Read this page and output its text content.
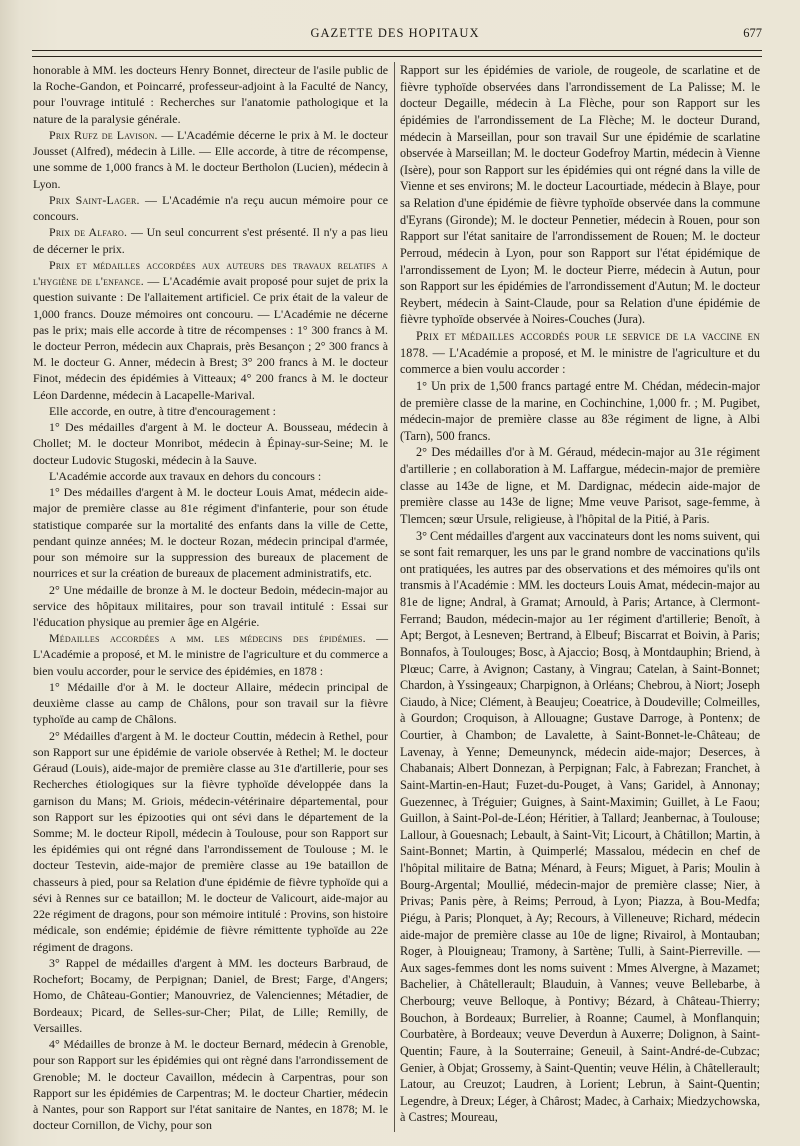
GAZETTE DES HOPITAUX	677

honorable à MM. les docteurs Henry Bonnet, directeur de l'asile public de la Roche-Gandon, et Poincarré, professeur-adjoint à la Faculté de Nancy, pour l'ouvrage intitulé : Recherches sur l'anatomie pathologique et la nature de la paralysie générale.

Prix Rufz de Lavison. — L'Académie décerne le prix à M. le docteur Jousset (Alfred), médecin à Lille. — Elle accorde, à titre de récompense, une somme de 1,000 francs à M. le docteur Bertholon (Lucien), médecin à Lyon.

Prix Saint-Lager. — L'Académie n'a reçu aucun mémoire pour ce concours.

Prix de Alfaro. — Un seul concurrent s'est présenté. Il n'y a pas lieu de décerner le prix.

Prix et médailles accordées aux auteurs des travaux relatifs a l'hygiène de l'enfance. — L'Académie avait proposé pour sujet de prix la question suivante : De l'allaitement artificiel. Ce prix était de la valeur de 1,000 francs. Douze mémoires ont concouru. — L'Académie ne décerne pas le prix; mais elle accorde à titre de récompenses : 1° 300 francs à M. le docteur Perron, médecin aux Chaprais, près Besançon ; 2° 300 francs à M. le docteur G. Anner, médecin à Brest; 3° 200 francs à M. le docteur Finot, médecin des épidémies à Vitteaux; 4° 200 francs à M. le docteur Léon Dardenne, médecin à Lacapelle-Marival.

Elle accorde, en outre, à titre d'encouragement :

1° Des médailles d'argent à M. le docteur A. Bousseau, médecin à Chollet; M. le docteur Monribot, médecin à Épinay-sur-Seine; M. le docteur Ludovic Stugoski, médecin à la Sauve.

L'Académie accorde aux travaux en dehors du concours :

1° Des médailles d'argent à M. le docteur Louis Amat, médecin aide-major de première classe au 81e régiment d'infanterie, pour son étude statistique comparée sur la mortalité des enfants dans la ville de Cette, pendant quinze années; M. le docteur Rozan, médecin principal d'armée, pour son mémoire sur la suppression des bureaux de placement de nourrices et sur la création de bureaux de placement administratifs, etc.

2° Une médaille de bronze à M. le docteur Bedoin, médecin-major au service des hôpitaux militaires, pour son travail intitulé : Essai sur l'éducation physique au premier âge en Algérie.

Médailles accordées a mm. les médecins des épidémies. — L'Académie a proposé, et M. le ministre de l'agriculture et du commerce a bien voulu accorder, pour le service des épidémies, en 1878 :

1° Médaille d'or à M. le docteur Allaire, médecin principal de deuxième classe au camp de Châlons, pour son travail sur la fièvre typhoïde au camp de Châlons.

2° Médailles d'argent à M. le docteur Couttin, médecin à Rethel, pour son Rapport sur une épidémie de variole observée à Rethel; M. le docteur Géraud (Louis), aide-major de première classe au 31e d'artillerie, pour ses Recherches étiologiques sur la fièvre typhoïde développée dans la garnison du Mans; M. Griois, médecin-vétérinaire départemental, pour son Rapport sur les épizooties qui ont sévi dans le département de la Somme; M. le docteur Ripoll, médecin à Toulouse, pour son Rapport sur les épidémies qui ont régné dans l'arrondissement de Toulouse ; M. le docteur Testevin, aide-major de première classe au 19e bataillon de chasseurs à pied, pour sa Relation d'une épidémie de fièvre typhoïde qui a sévi à Rennes sur ce bataillon; M. le docteur de Valicourt, aide-major au 22e régiment de dragons, pour son mémoire intitulé : Provins, son histoire médicale, son endémie; épidémie de fièvre rémittente typhoïde au 22e régiment de dragons.

3° Rappel de médailles d'argent à MM. les docteurs Barbraud, de Rochefort; Bocamy, de Perpignan; Daniel, de Brest; Farge, d'Angers; Homo, de Château-Gontier; Manouvriez, de Valenciennes; Métadier, de Bordeaux; Picard, de Selles-sur-Cher; Pilat, de Lille; Remilly, de Versailles.

4° Médailles de bronze à M. le docteur Bernard, médecin à Grenoble, pour son Rapport sur les épidémies qui ont règné dans l'arrondissement de Grenoble; M. le docteur Cavaillon, médecin à Carpentras, pour son Rapport sur les épidémies de Carpentras; M. le docteur Chartier, médecin à Nantes, pour son Rapport sur l'état sanitaire de Nantes, en 1878; M. le docteur Cornillon, de Vichy, pour son

Rapport sur les épidémies de variole, de rougeole, de scarlatine et de fièvre typhoïde observées dans l'arrondissement de La Palisse; M. le docteur Degaille, médecin à La Flèche, pour son Rapport sur les épidémies de l'arrondissement de La Flèche; M. le docteur Durand, médecin à Marseillan, pour son travail Sur une épidémie de scarlatine observée à Marseillan; M. le docteur Godefroy Martin, médecin à Vienne (Isère), pour son Rapport sur les épidémies qui ont régné dans la ville de Vienne et ses environs; M. le docteur Lacourtiade, médecin à Blaye, pour sa Relation d'une épidémie de fièvre typhoïde observée dans la commune d'Eyrans (Gironde); M. le docteur Pennetier, médecin à Rouen, pour son Rapport sur l'état sanitaire de l'arrondissement de Rouen; M. le docteur Perroud, médecin à Lyon, pour son Rapport sur l'état épidémique de l'arrondissement de Lyon; M. le docteur Pierre, médecin à Autun, pour son Rapport sur les épidémies de l'arrondissement d'Autun; M. le docteur Reybert, médecin à Saint-Claude, pour sa Relation d'une épidémie de fièvre typhoïde observée à Noires-Couches (Jura).

Prix et médailles accordés pour le service de la vaccine en 1878. — L'Académie a proposé, et M. le ministre de l'agriculture et du commerce a bien voulu accorder :

1° Un prix de 1,500 francs partagé entre M. Chédan, médecin-major de première classe de la marine, en Cochinchine, 1,000 fr. ; M. Pugibet, médecin-major de première classe au 83e régiment de ligne, à Albi (Tarn), 500 francs.

2° Des médailles d'or à M. Géraud, médecin-major au 31e régiment d'artillerie ; en collaboration à M. Laffargue, médecin-major de première classe au 143e de ligne, et M. Dardignac, médecin aide-major de première classe au 143e de ligne; Mme veuve Parisot, sage-femme, à Tlemcen; sœur Ursule, religieuse, à l'hôpital de la Pitié, à Paris.

3° Cent médailles d'argent aux vaccinateurs dont les noms suivent, qui se sont fait remarquer, les uns par le grand nombre de vaccinations qu'ils ont pratiquées, les autres par des observations et des mémoires qu'ils ont transmis à l'Académie : MM. les docteurs Louis Amat, médecin-major au 81e de ligne; Andral, à Gramat; Arnould, à Paris; Artance, à Clermont-Ferrand; Baudon, médecin-major au 1er régiment d'artillerie; Benoît, à Apt; Bergot, à Lesneven; Bertrand, à Elbeuf; Biscarrat et Boivin, à Paris; Bonnafos, à Toulouges; Bosc, à Ajaccio; Bosq, à Montdauphin; Briend, à Plœuc; Carre, à Avignon; Castany, à Vingrau; Catelan, à Saint-Bonnet; Chardon, à Yssingeaux; Charpignon, à Orléans; Chebrou, à Niort; Joseph Ciaudo, à Nice; Clément, à Beaujeu; Coeatrice, à Doudeville; Colmeilles, à Gourdon; Croquison, à Allouagne; Gustave Darroge, à Pontenx; de Courtier, à Chambon; de Lavalette, à Saint-Bonnet-le-Château; de Lavenay, à Yenne; Demeunynck, médecin aide-major; Deserces, à Chabanais; Albert Donnezan, à Perpignan; Falc, à Fabrezan; Franchet, à Saint-Martin-en-Haut; Fuzet-du-Pouget, à Vans; Garidel, à Annonay; Guezennec, à Tréguier; Guignes, à Saint-Maximin; Guillet, à Le Faou; Guillon, à Saint-Pol-de-Léon; Héritier, à Tallard; Jeanbernac, à Toulouse; Lallour, à Gouesnach; Lebault, à Saint-Vit; Licourt, à Châtillon; Martin, à Saint-Bonnet; Martin, à Quimperlé; Massalou, médecin en chef de l'hôpital militaire de Batna; Ménard, à Feurs; Miguet, à Paris; Moulin à Bourg-Argental; Moullié, médecin-major de première classe; Nier, à Privas; Panis père, à Reims; Perroud, à Lyon; Piazza, à Bou-Medfa; Piégu, à Paris; Plonquet, à Ay; Recours, à Villeneuve; Richard, médecin aide-major de première classe au 10e de ligne; Rivairol, à Montauban; Roger, à Plouigneau; Tramony, à Sartène; Tulli, à Saint-Pierreville. — Aux sages-femmes dont les noms suivent : Mmes Alvergne, à Mazamet; Bachelier, à Châtellerault; Blauduin, à Vannes; veuve Bellebarbe, à Cherbourg; veuve Belloque, à Pontivy; Bézard, à Château-Thierry; Bouchon, à Bordeaux; Burrelier, à Roanne; Caumel, à Monflanquin; Courbatère, à Bordeaux; veuve Deverdun à Auxerre; Dolignon, à Saint-Quentin; Faure, à la Souterraine; Geneuil, à Saint-André-de-Cubzac; Genier, à Objat; Grossemy, à Saint-Quentin; veuve Hélin, à Châtellerault; Latour, au Creuzot; Laudren, à Lorient; Lebrun, à Saint-Quentin; Legendre, à Dreux; Léger, à Chârost; Madec, à Carhaix; Miedzychowska, à Castres; Moureau,
